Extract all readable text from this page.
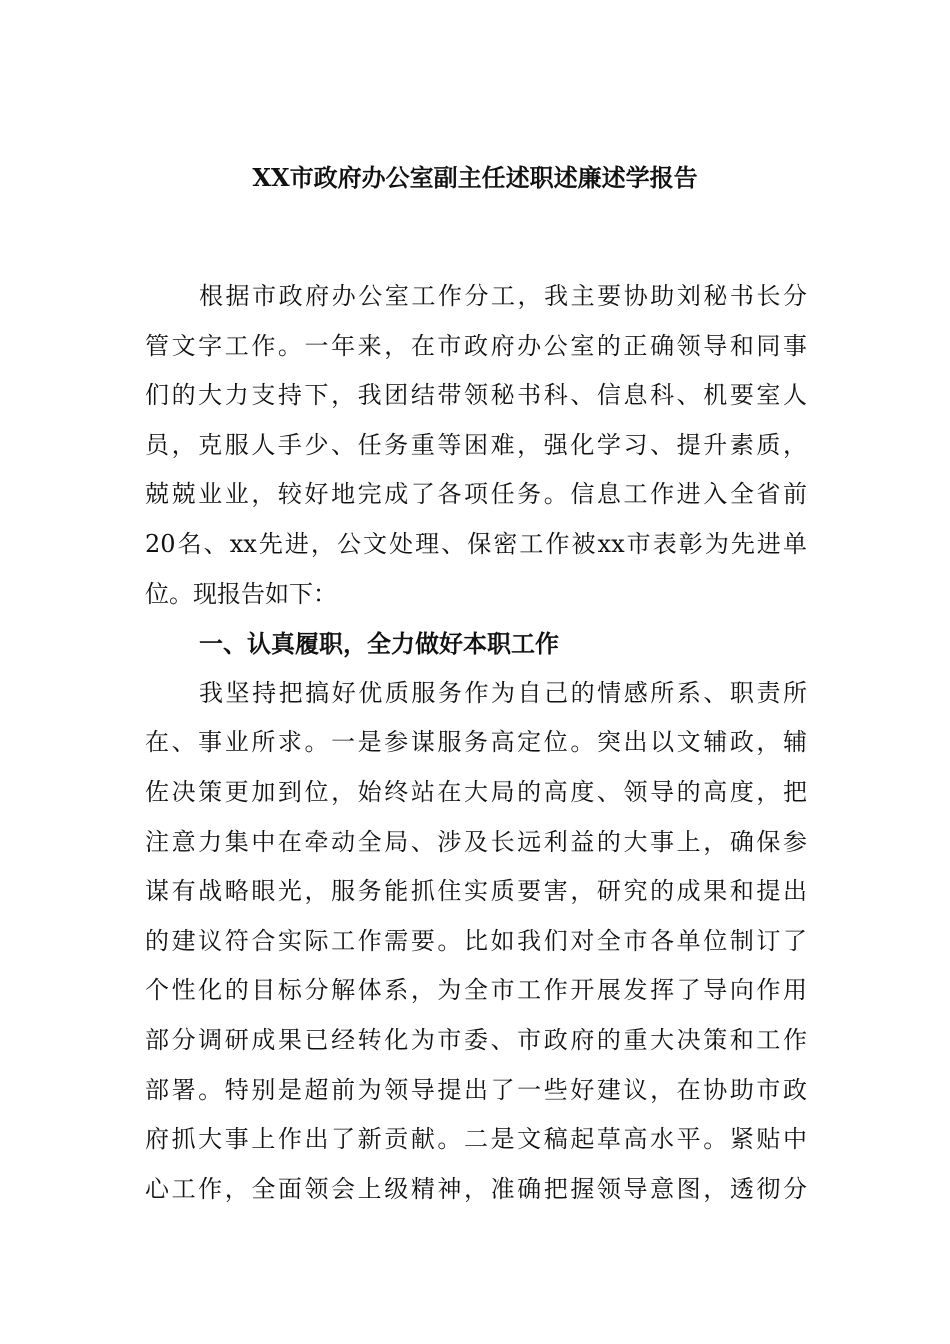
XX市政府办公室副主任述职述廉述学报告
根据市政府办公室工作分工，我主要协助刘秘书长分
管文字工作。一年来，在市政府办公室的正确领导和同事
们的大力支持下，我团结带领秘书科、信息科、机要室人
员，克服人手少、任务重等困难，强化学习、提升素质，
兢兢业业，较好地完成了各项任务。信息工作进入全省前
20名、xx先进，公文处理、保密工作被xx市表彰为先进单
位。现报告如下：
一、认真履职，全力做好本职工作
我坚持把搞好优质服务作为自己的情感所系、职责所
在、事业所求。一是参谋服务高定位。突出以文辅政，辅
佐决策更加到位，始终站在大局的高度、领导的高度，把
注意力集中在牵动全局、涉及长远利益的大事上，确保参
谋有战略眼光，服务能抓住实质要害，研究的成果和提出
的建议符合实际工作需要。比如我们对全市各单位制订了
个性化的目标分解体系，为全市工作开展发挥了导向作用
部分调研成果已经转化为市委、市政府的重大决策和工作
部署。特别是超前为领导提出了一些好建议，在协助市政
府抓大事上作出了新贡献。二是文稿起草高水平。紧贴中
心工作，全面领会上级精神，准确把握领导意图，透彻分
